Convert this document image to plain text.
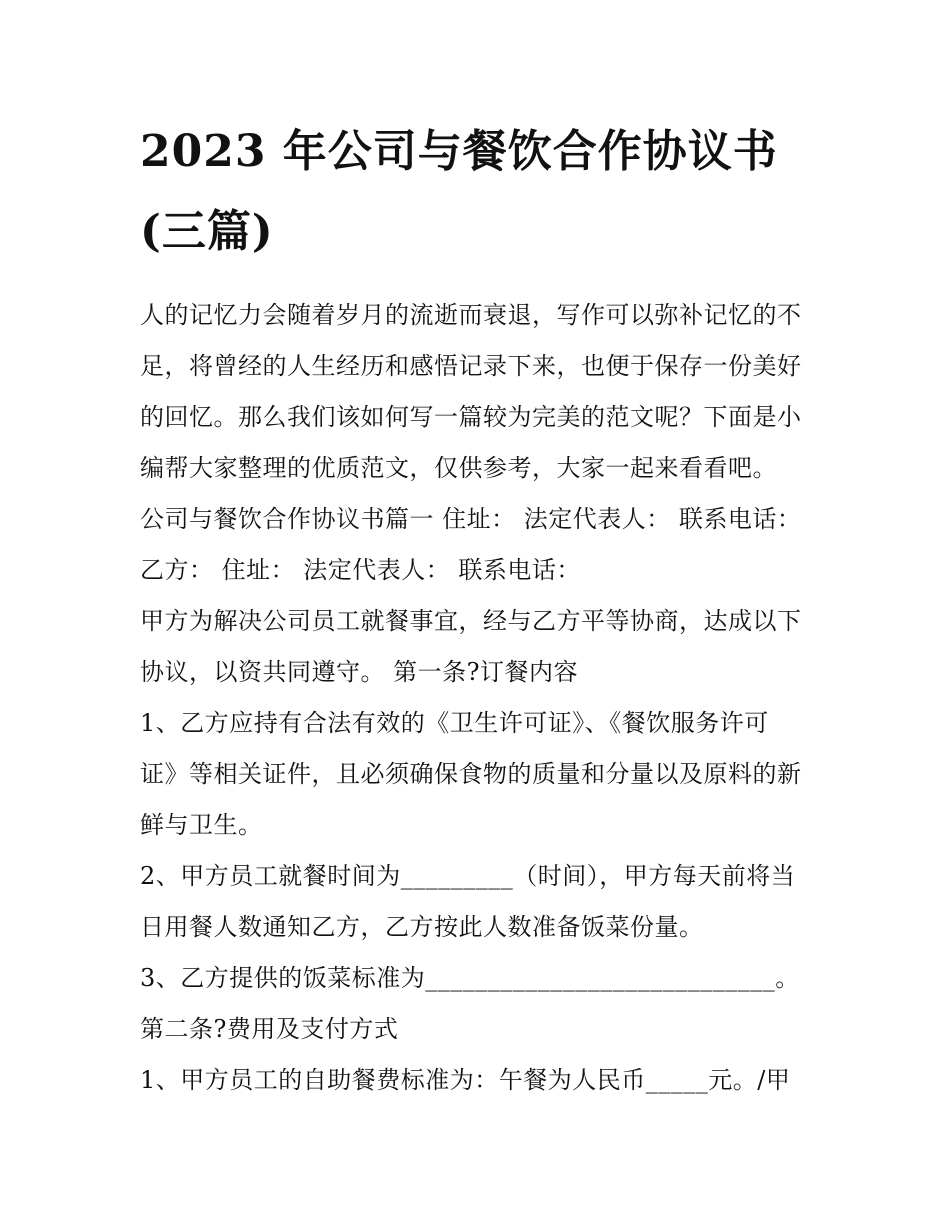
2023 年公司与餐饮合作协议书
(三篇)

人的记忆力会随着岁月的流逝而衰退，写作可以弥补记忆的不
足，将曾经的人生经历和感悟记录下来，也便于保存一份美好
的回忆。那么我们该如何写一篇较为完美的范文呢？下面是小
编帮大家整理的优质范文，仅供参考，大家一起来看看吧。

公司与餐饮合作协议书篇一 住址： 法定代表人： 联系电话：
乙方： 住址： 法定代表人： 联系电话：

甲方为解决公司员工就餐事宜，经与乙方平等协商，达成以下
协议，以资共同遵守。 第一条?订餐内容

1、乙方应持有合法有效的《卫生许可证》、《餐饮服务许可
证》等相关证件，且必须确保食物的质量和分量以及原料的新
鲜与卫生。

2、甲方员工就餐时间为_________（时间），甲方每天前将当
日用餐人数通知乙方，乙方按此人数准备饭菜份量。

3、乙方提供的饭菜标准为____________________________。

第二条?费用及支付方式

1、甲方员工的自助餐费标准为：午餐为人民币_____元。/甲
